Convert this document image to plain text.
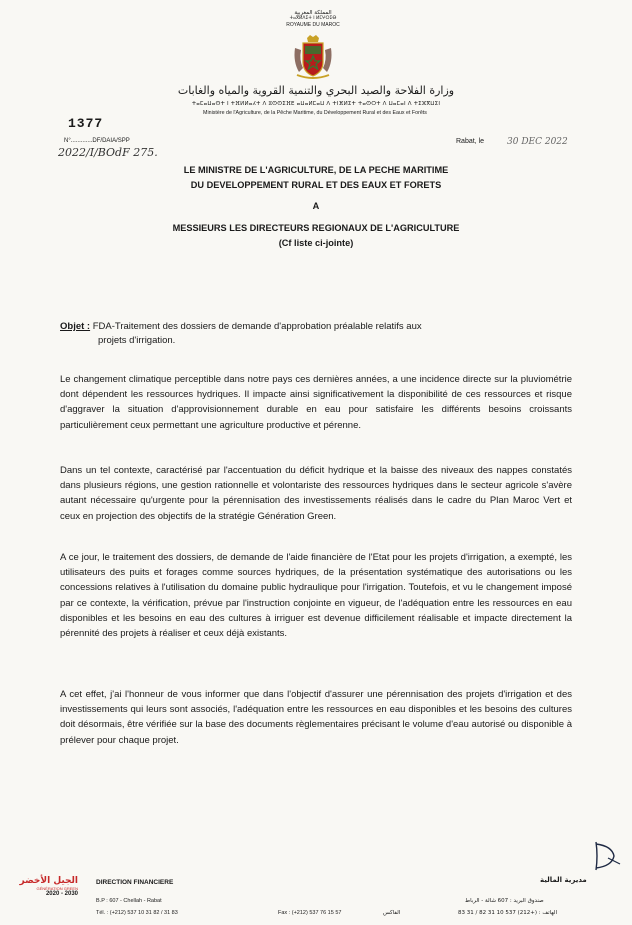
المملكة المغربية
ⵜⴰⴳⵍⴷⵉⵜ ⵏ ⵍⵎⵖⵔⵉⴱ
ROYAUME DU MAROC
وزارة الفلاحة والصيد البحري والتنمية القروية والمياه والغابات
ⵜⴰⵎⴰⵡⴰⵙⵜ ⵏ ⵜⴼⵍⵍⴰⵃⵜ ⴷ ⵓⵙⵙⵉⴼⴹ ⴰⵡⴰⵍⵎⴰⵡ ⴷ ⵜⵏⴼⵍⵉⵜ ⵜⴰⵙⵔⵜ ⴷ ⵡⴰⵎⴰⵏ ⴷ ⵜⵉⵣⴳⵡⵉⵏ
Ministère de l'Agriculture, de la Pêche Maritime, du Développement Rural et des Eaux et Forêts
1377
N°.............DF/DAIA/SPP
2022/I/BOdF 275.
Rabat, le	30 DEC 2022
LE MINISTRE DE L'AGRICULTURE, DE LA PECHE MARITIME
DU DEVELOPPEMENT RURAL ET DES EAUX ET FORETS
A
MESSIEURS LES DIRECTEURS REGIONAUX DE L'AGRICULTURE
(Cf liste ci-jointe)
Objet : FDA-Traitement des dossiers de demande d'approbation préalable relatifs aux
projets d'irrigation.

Le changement climatique perceptible dans notre pays ces dernières années, a une incidence directe sur la pluviométrie dont dépendent les ressources hydriques. Il impacte ainsi significativement la disponibilité de ces ressources et risque d'aggraver la situation d'approvisionnement durable en eau pour satisfaire les différents besoins croissants particulièrement ceux permettant une agriculture productive et pérenne.

Dans un tel contexte, caractérisé par l'accentuation du déficit hydrique et la baisse des niveaux des nappes constatés dans plusieurs régions, une gestion rationnelle et volontariste des ressources hydriques dans le secteur agricole s'avère autant nécessaire qu'urgente pour la pérennisation des investissements réalisés dans le cadre du Plan Maroc Vert et ceux en projection des objectifs de la stratégie Génération Green.

A ce jour, le traitement des dossiers, de demande de l'aide financière de l'Etat pour les projets d'irrigation, a exempté, les utilisateurs des puits et forages comme sources hydriques, de la présentation systématique des autorisations ou les concessions relatives à l'utilisation du domaine public hydraulique pour l'irrigation. Toutefois, et vu le changement imposé par ce contexte, la vérification, prévue par l'instruction conjointe en vigueur, de l'adéquation entre les ressources en eau disponibles et les besoins en eau des cultures à irriguer est devenue difficilement réalisable et impacte directement la pérennité des projets à réaliser et ceux déjà existants.

A cet effet, j'ai l'honneur de vous informer que dans l'objectif d'assurer une pérennisation des projets d'irrigation et des investissements qui leurs sont associés, l'adéquation entre les ressources en eau disponibles et les besoins des cultures doit désormais, être vérifiée sur la base des documents règlementaires précisant le volume d'eau autorisé ou disponible à prélever pour chaque projet.

الجيل الأخضر
GÉNÉRATION GREEN
2020 - 2030
DIRECTION FINANCIERE	مديرية المالية
B.P : 607 - Chellah - Rabat
Tél. : (+212) 537 10 31 82 / 31 83	Fax : (+212) 537 76 15 57	الفاكس
صندوق البريد : 607 شالة - الرباط
الهاتف : (+212) 537 10 31 82 / 31 83
